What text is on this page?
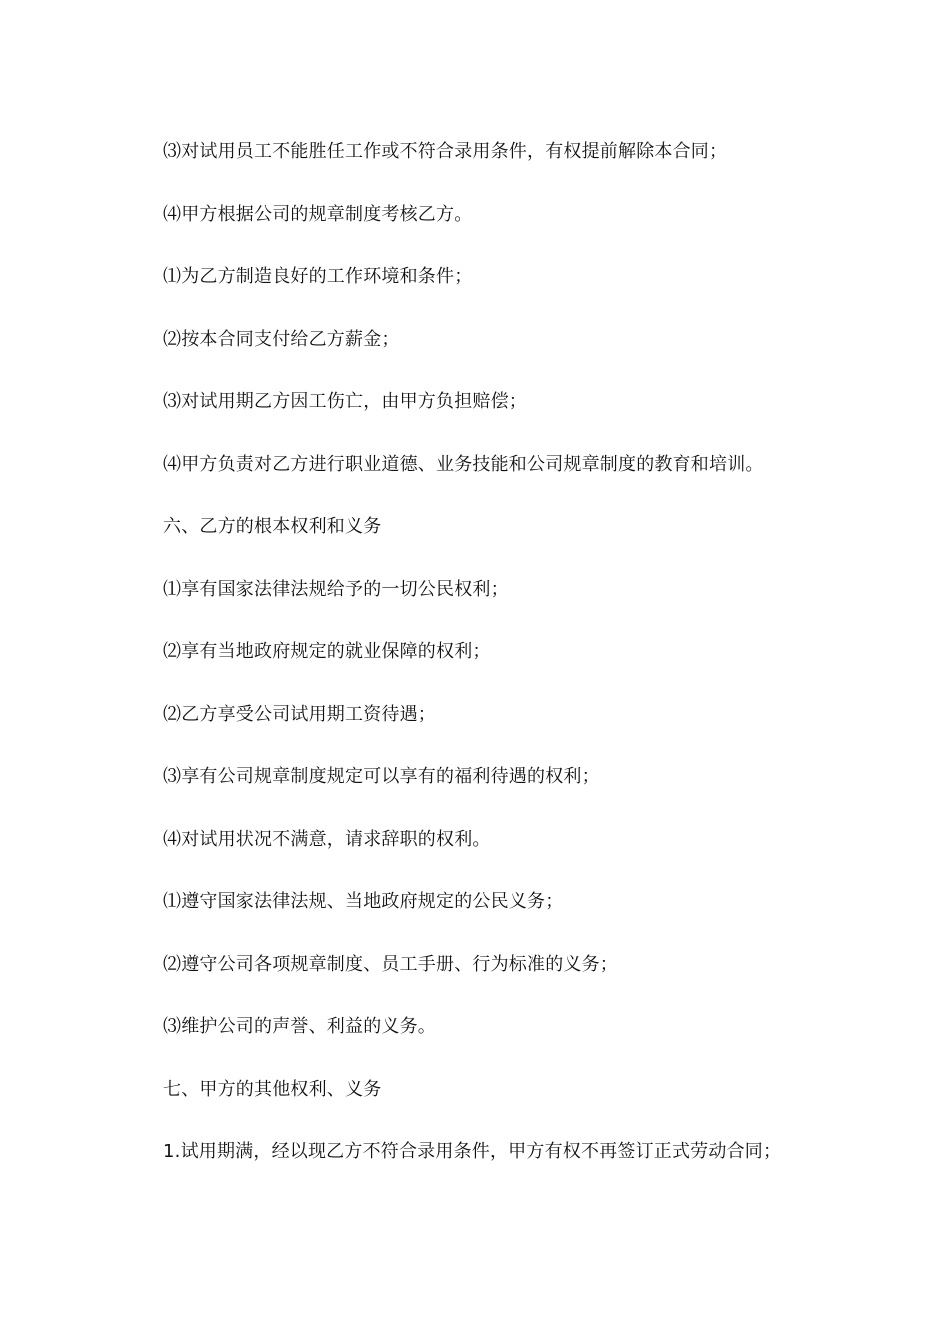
⑶对试用员工不能胜任工作或不符合录用条件，有权提前解除本合同；
⑷甲方根据公司的规章制度考核乙方。
⑴为乙方制造良好的工作环境和条件；
⑵按本合同支付给乙方薪金；
⑶对试用期乙方因工伤亡，由甲方负担赔偿；
⑷甲方负责对乙方进行职业道德、业务技能和公司规章制度的教育和培训。
六、乙方的根本权利和义务
⑴享有国家法律法规给予的一切公民权利；
⑵享有当地政府规定的就业保障的权利；
⑵乙方享受公司试用期工资待遇；
⑶享有公司规章制度规定可以享有的福利待遇的权利；
⑷对试用状况不满意，请求辞职的权利。
⑴遵守国家法律法规、当地政府规定的公民义务；
⑵遵守公司各项规章制度、员工手册、行为标准的义务；
⑶维护公司的声誉、利益的义务。
七、甲方的其他权利、义务
1.试用期满，经以现乙方不符合录用条件，甲方有权不再签订正式劳动合同；
